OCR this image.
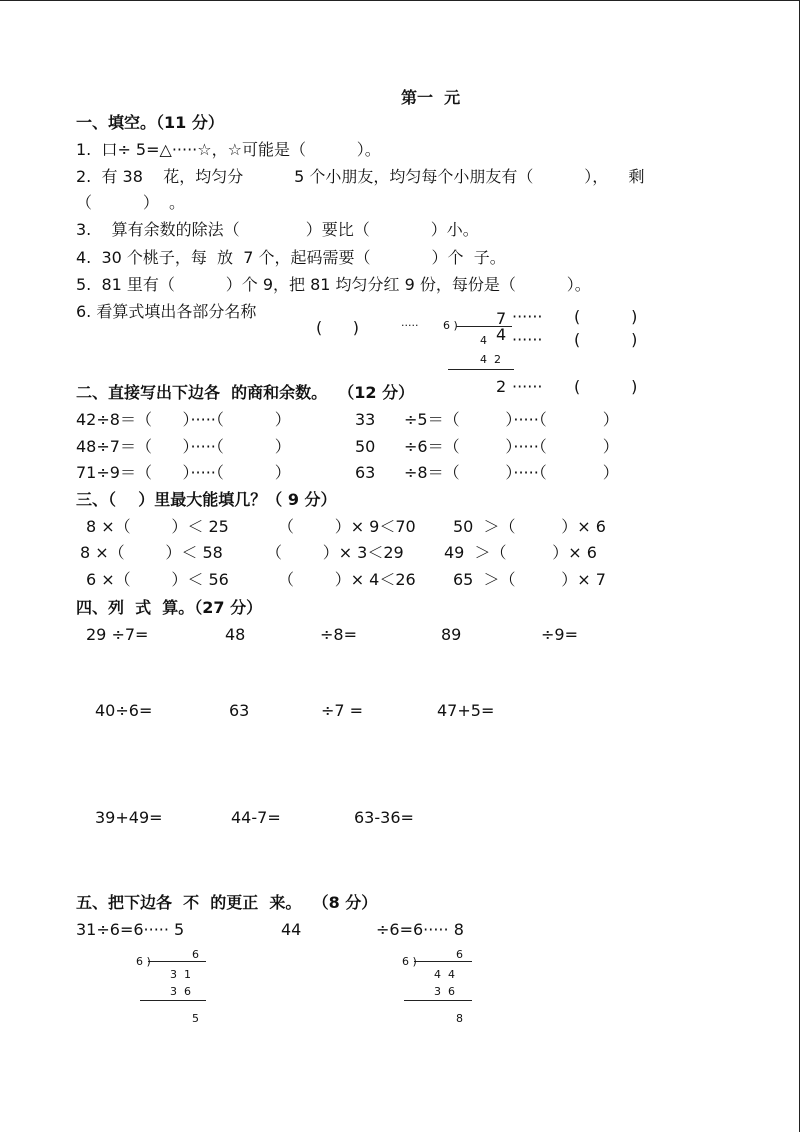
第一  元
一、填空。（11 分）
1.  口÷ 5=△·····☆，☆可能是（          ）。
2.  有 38    花，均匀分          5 个小朋友，均匀每个小朋友有（          ），    剩
（          ）  。
3.    算有余数的除法（             ）要比（            ）小。
4.  30 个桃子，每  放  7 个，起码需要（            ）个  子。
5.  81 里有（          ）个 9，把 81 均匀分红 9 份，每份是（          ）。
6. 看算式填出各部分名称
(      )	····· 6 ) 7
4
4
4  2
2
······ (          )
······ (          )
······ (          )
二、直接写出下边各  的商和余数。  （12 分）
42÷8＝（      ）·····（          ）	33 ÷5＝（         ）·····（           ）
48÷7＝（      ）·····（          ）	50 ÷6＝（         ）·····（           ）
71÷9＝（      ）·····（          ）	63 ÷8＝（         ）·····（           ）
三、（    ）里最大能填几？（ 9 分）
8 ×（        ）＜ 25	（        ）× 9＜70 50  ＞（         ）× 6
8 ×（        ）＜ 58	（        ）× 3＜29	49  ＞（         ）× 6
6 ×（        ）＜ 56	（        ）× 4＜26 65  ＞（         ）× 7
四、列  式  算。（27 分）
29 ÷7=	48	÷8=	89	÷9=
40÷6=	63	÷7 =	47+5=
39+49=	44-7=	63-36=
五、把下边各  不  的更正  来。  （8 分）
31÷6=6····· 5	44	÷6=6····· 8
6
6 )
3  1
3  6
5
6
6 )
4  4
3  6
8
